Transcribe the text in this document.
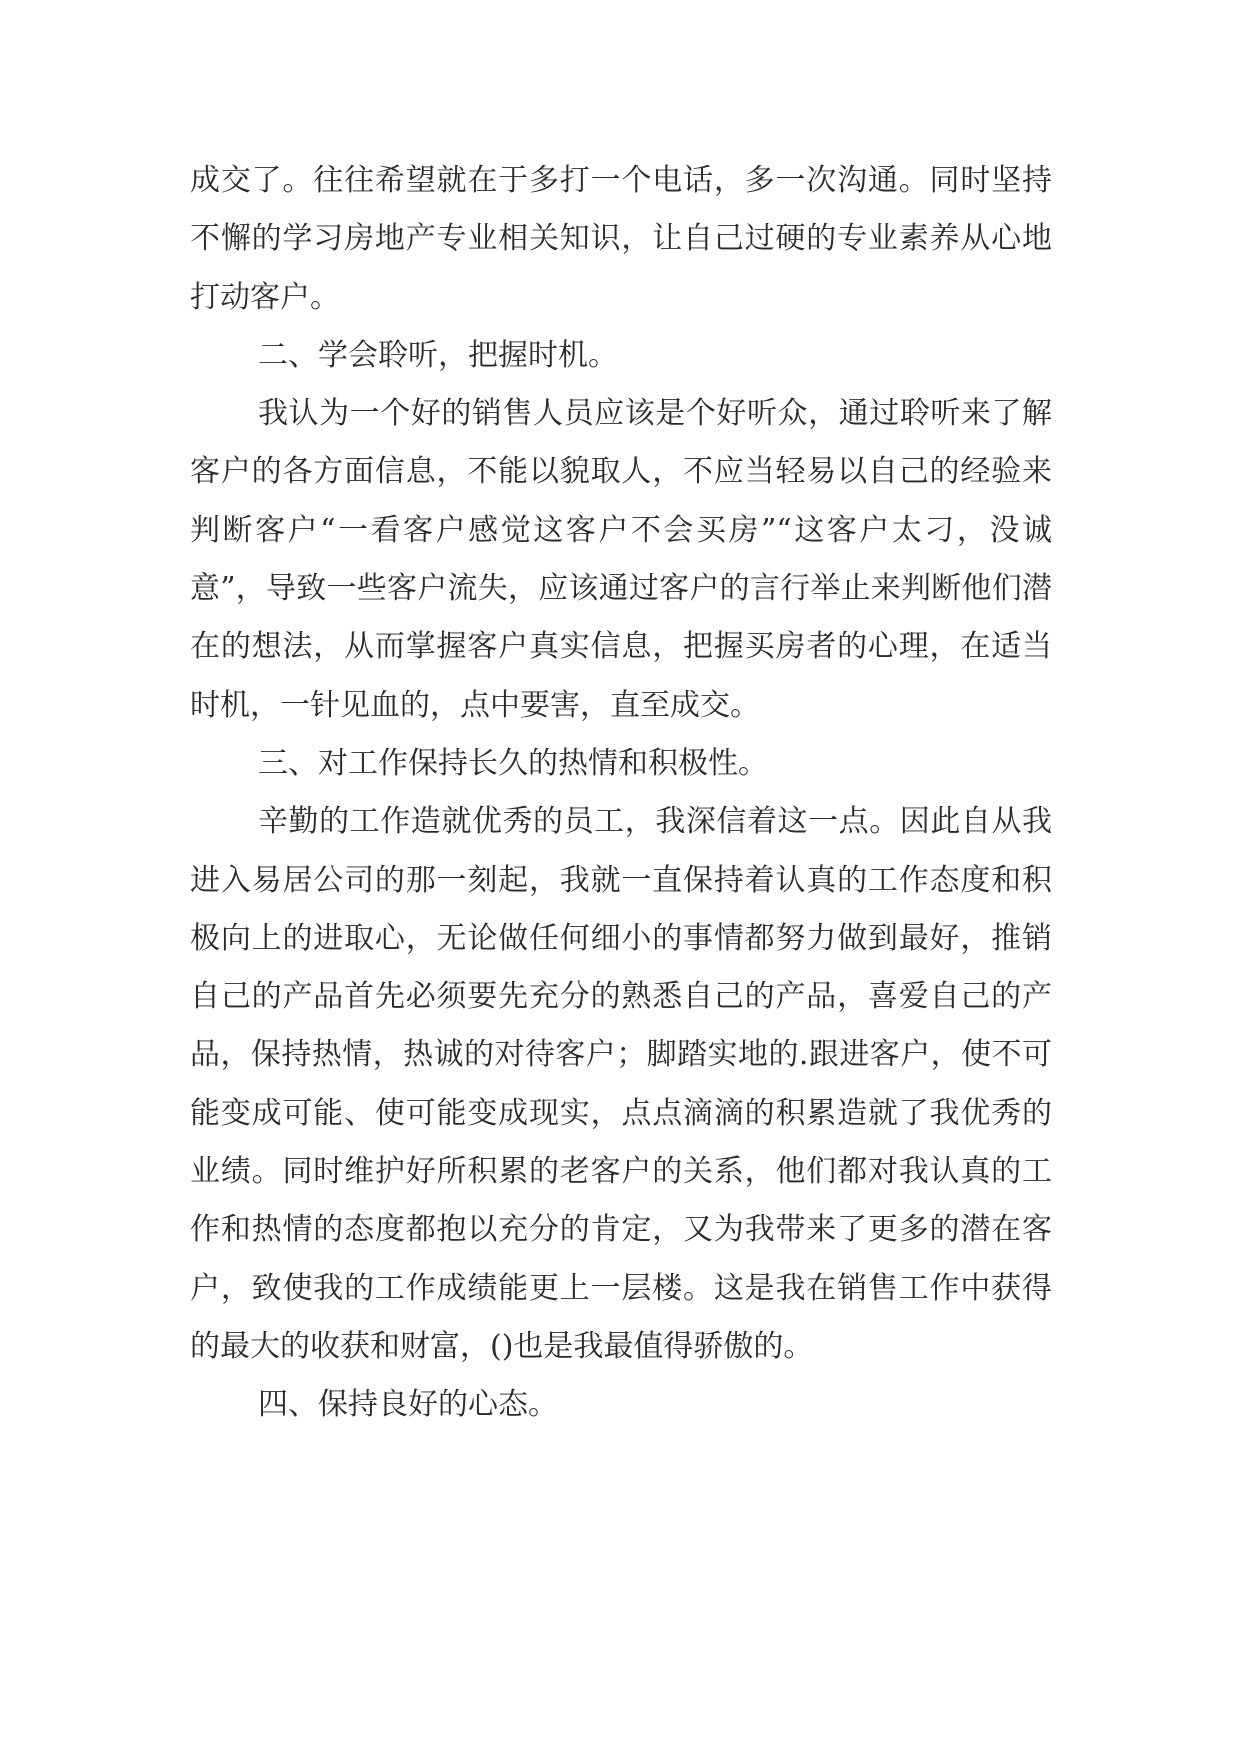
成交了。往往希望就在于多打一个电话，多一次沟通。同时坚持不懈的学习房地产专业相关知识，让自己过硬的专业素养从心地打动客户。

二、学会聆听，把握时机。

我认为一个好的销售人员应该是个好听众，通过聆听来了解客户的各方面信息，不能以貌取人，不应当轻易以自己的经验来判断客户“一看客户感觉这客户不会买房”“这客户太刁，没诚意”，导致一些客户流失，应该通过客户的言行举止来判断他们潜在的想法，从而掌握客户真实信息，把握买房者的心理，在适当时机，一针见血的，点中要害，直至成交。

三、对工作保持长久的热情和积极性。

辛勤的工作造就优秀的员工，我深信着这一点。因此自从我进入易居公司的那一刻起，我就一直保持着认真的工作态度和积极向上的进取心，无论做任何细小的事情都努力做到最好，推销自己的产品首先必须要先充分的熟悉自己的产品，喜爱自己的产品，保持热情，热诚的对待客户；脚踏实地的.跟进客户，使不可能变成可能、使可能变成现实，点点滴滴的积累造就了我优秀的业绩。同时维护好所积累的老客户的关系，他们都对我认真的工作和热情的态度都抱以充分的肯定，又为我带来了更多的潜在客户，致使我的工作成绩能更上一层楼。这是我在销售工作中获得的最大的收获和财富，()也是我最值得骄傲的。

四、保持良好的心态。
